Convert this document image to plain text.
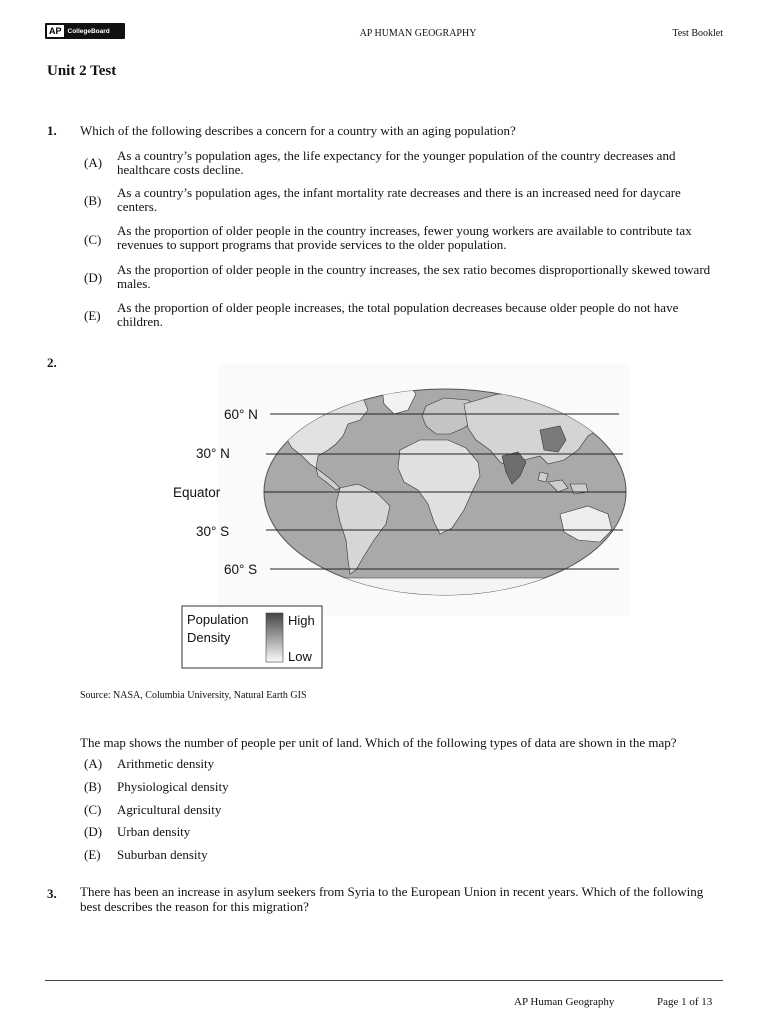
AP CollegeBoard	AP HUMAN GEOGRAPHY	Test Booklet
Unit 2 Test
1. Which of the following describes a concern for a country with an aging population?
(A) As a country’s population ages, the life expectancy for the younger population of the country decreases and healthcare costs decline.
(B)
As a country’s population ages, the infant mortality rate decreases and there is an increased need for daycare centers.
(C)
As the proportion of older people in the country increases, fewer young workers are available to contribute tax revenues to support programs that provide services to the older population.
(D)
As the proportion of older people in the country increases, the sex ratio becomes disproportionally skewed toward males.
(E)
As the proportion of older people increases, the total population decreases because older people do not have children.
2.
60° N
30° N
Equator
30° S
60° S
Population
Density
High
Low
Source: NASA, Columbia University, Natural Earth GIS
The map shows the number of people per unit of land. Which of the following types of data are shown in the map?
(A) Arithmetic density
(B) Physiological density
(C) Agricultural density
(D) Urban density
(E) Suburban density
3. There has been an increase in asylum seekers from Syria to the European Union in recent years. Which of the following best describes the reason for this migration?
AP Human Geography	Page 1 of 13
